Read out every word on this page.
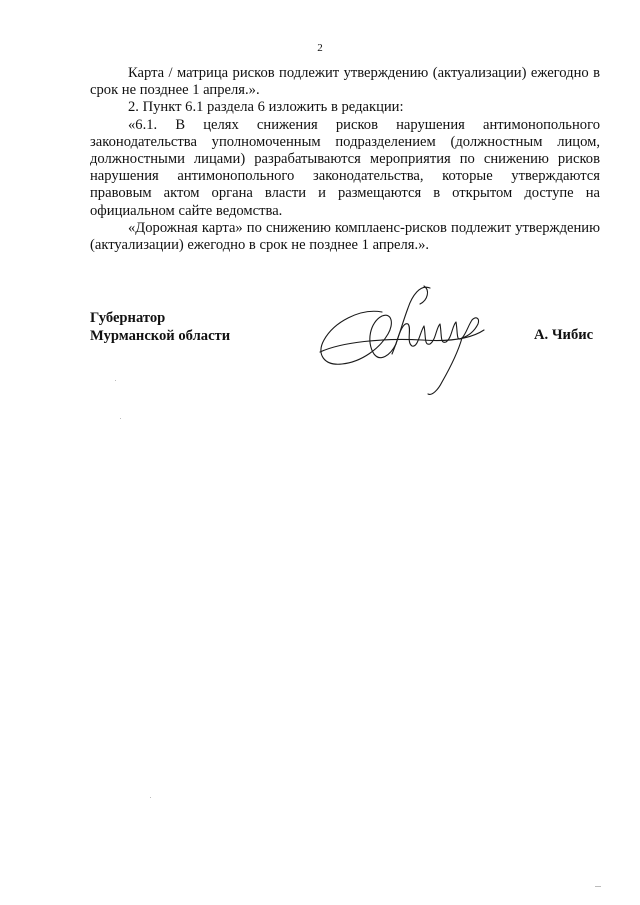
2

Карта / матрица рисков подлежит утверждению (актуализации) ежегодно в срок не позднее 1 апреля.».

2. Пункт 6.1 раздела 6 изложить в редакции:

«6.1. В целях снижения рисков нарушения антимонопольного законодательства уполномоченным подразделением (должностным лицом, должностными лицами) разрабатываются мероприятия по снижению рисков нарушения антимонопольного законодательства, которые утверждаются правовым актом органа власти и размещаются в открытом доступе на официальном сайте ведомства.

«Дорожная карта» по снижению комплаенс-рисков подлежит утверждению (актуализации) ежегодно в срок не позднее 1 апреля.».

Губернатор
Мурманской области	А. Чибис
